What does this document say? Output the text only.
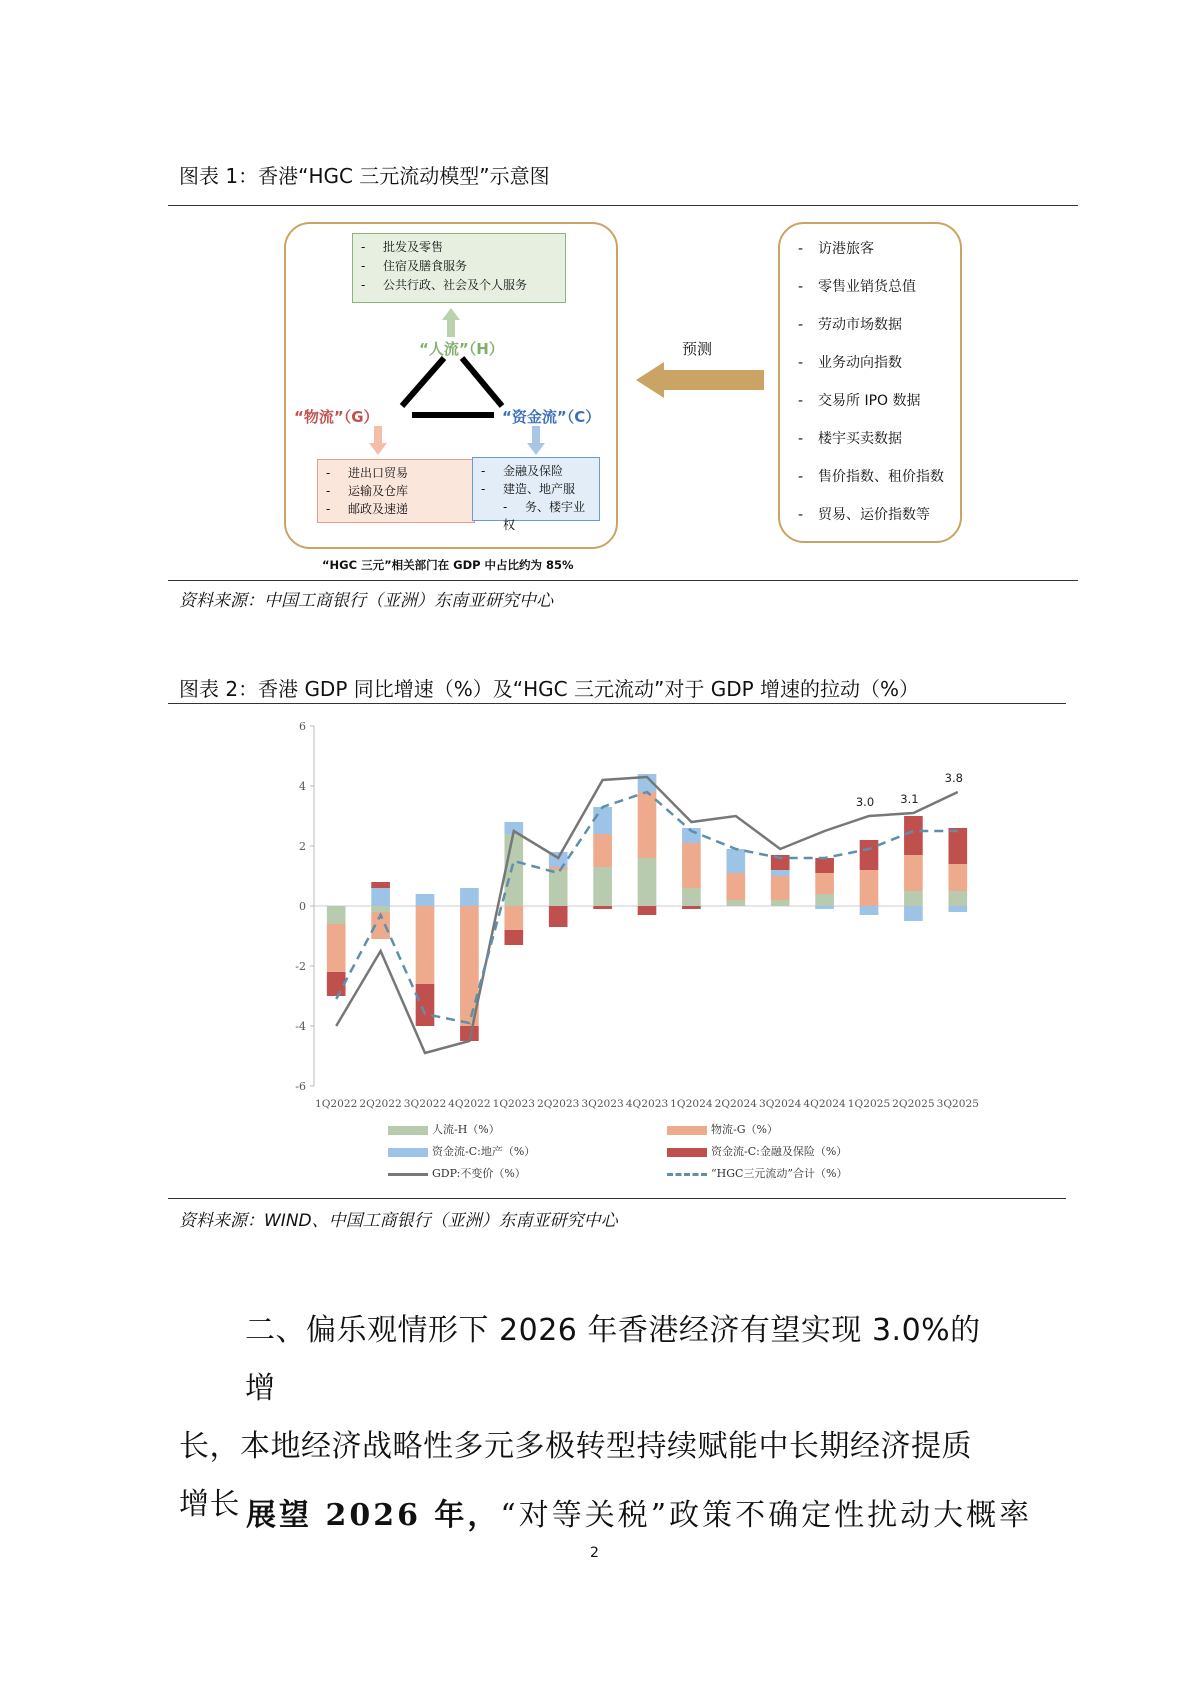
图表 1：香港“HGC 三元流动模型”示意图
- 批发及零售
- 住宿及膳食服务
- 公共行政、社会及个人服务
“人流”（H）
“物流”（G）	“资金流”（C）
- 进出口贸易
- 运输及仓库
- 邮政及速递
- 金融及保险
- 建造、地产服
- 务、楼宇业权
“HGC 三元”相关部门在 GDP 中占比约为 85%
预测
- 访港旅客
- 零售业销货总值
- 劳动市场数据
- 业务动向指数
- 交易所 IPO 数据
- 楼宇买卖数据
- 售价指数、租价指数
- 贸易、运价指数等
资料来源：中国工商银行（亚洲）东南亚研究中心
图表 2：香港 GDP 同比增速（%）及“HGC 三元流动”对于 GDP 增速的拉动（%）
6
4
2
0
-2
-4
-6
1Q2022 2Q2022 3Q2022 4Q2022 1Q2023 2Q2023 3Q2023 4Q2023 1Q2024 2Q2024 3Q2024 4Q2024 1Q2025 2Q2025 3Q2025
3.0 3.1
3.8
人流-H（%）	物流-G（%）
资金流-C:地产（%）	资金流-C:金融及保险（%）
GDP:不变价（%）	“HGC三元流动”合计（%）
资料来源：WIND、中国工商银行（亚洲）东南亚研究中心
二、偏乐观情形下 2026 年香港经济有望实现 3.0%的增
长，本地经济战略性多元多极转型持续赋能中长期经济提质
增长 展望 2026 年，“对等关税”政策不确定性扰动大概率
2
